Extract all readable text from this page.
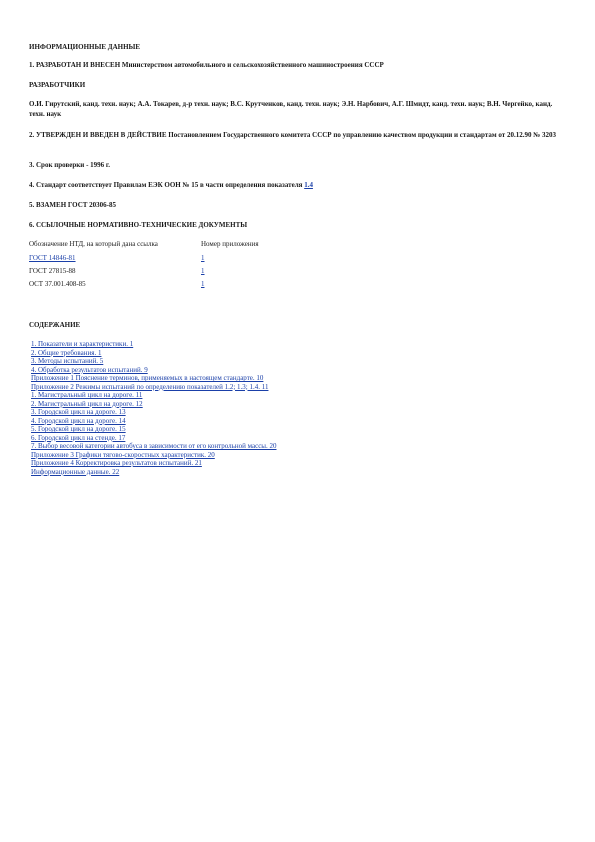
ИНФОРМАЦИОННЫЕ ДАННЫЕ
1. РАЗРАБОТАН И ВНЕСЕН Министерством автомобильного и сельскохозяйственного машиностроения СССР
РАЗРАБОТЧИКИ
О.И. Гирутский, канд. техн. наук; А.А. Токарев, д-р техн. наук; В.С. Крутченков, канд. техн. наук; Э.Н. Нарбович, А.Г. Шмидт, канд. техн. наук; В.Н. Чергейко, канд. техн. наук
2. УТВЕРЖДЕН И ВВЕДЕН В ДЕЙСТВИЕ Постановлением Государственного комитета СССР по управлению качеством продукции и стандартам от 20.12.90 № 3203
3. Срок проверки - 1996 г.
4. Стандарт соответствует Правилам ЕЭК ООН № 15 в части определения показателя 1.4
5. ВЗАМЕН ГОСТ 20306-85
6. ССЫЛОЧНЫЕ НОРМАТИВНО-ТЕХНИЧЕСКИЕ ДОКУМЕНТЫ
Обозначение НТД, на который дана ссылка	Номер приложения
ГОСТ 14846-81	1
ГОСТ 27815-88	1
ОСТ 37.001.408-85	1
СОДЕРЖАНИЕ
1. Показатели и характеристики. 1
2. Общие требования. 1
3. Методы испытаний. 5
4. Обработка результатов испытаний. 9
Приложение 1 Пояснение терминов, применяемых в настоящем стандарте. 10
Приложение 2 Режимы испытаний по определению показателей 1.2; 1.3; 1.4. 11
1. Магистральный цикл на дороге. 11
2. Магистральный цикл на дороге. 12
3. Городской цикл на дороге. 13
4. Городской цикл на дороге. 14
5. Городской цикл на дороге. 15
6. Городской цикл на стенде. 17
7. Выбор весовой категории автобуса в зависимости от его контрольной массы. 20
Приложение 3 Графики тягово-скоростных характеристик. 20
Приложение 4 Корректировка результатов испытаний. 21
Информационные данные. 22
